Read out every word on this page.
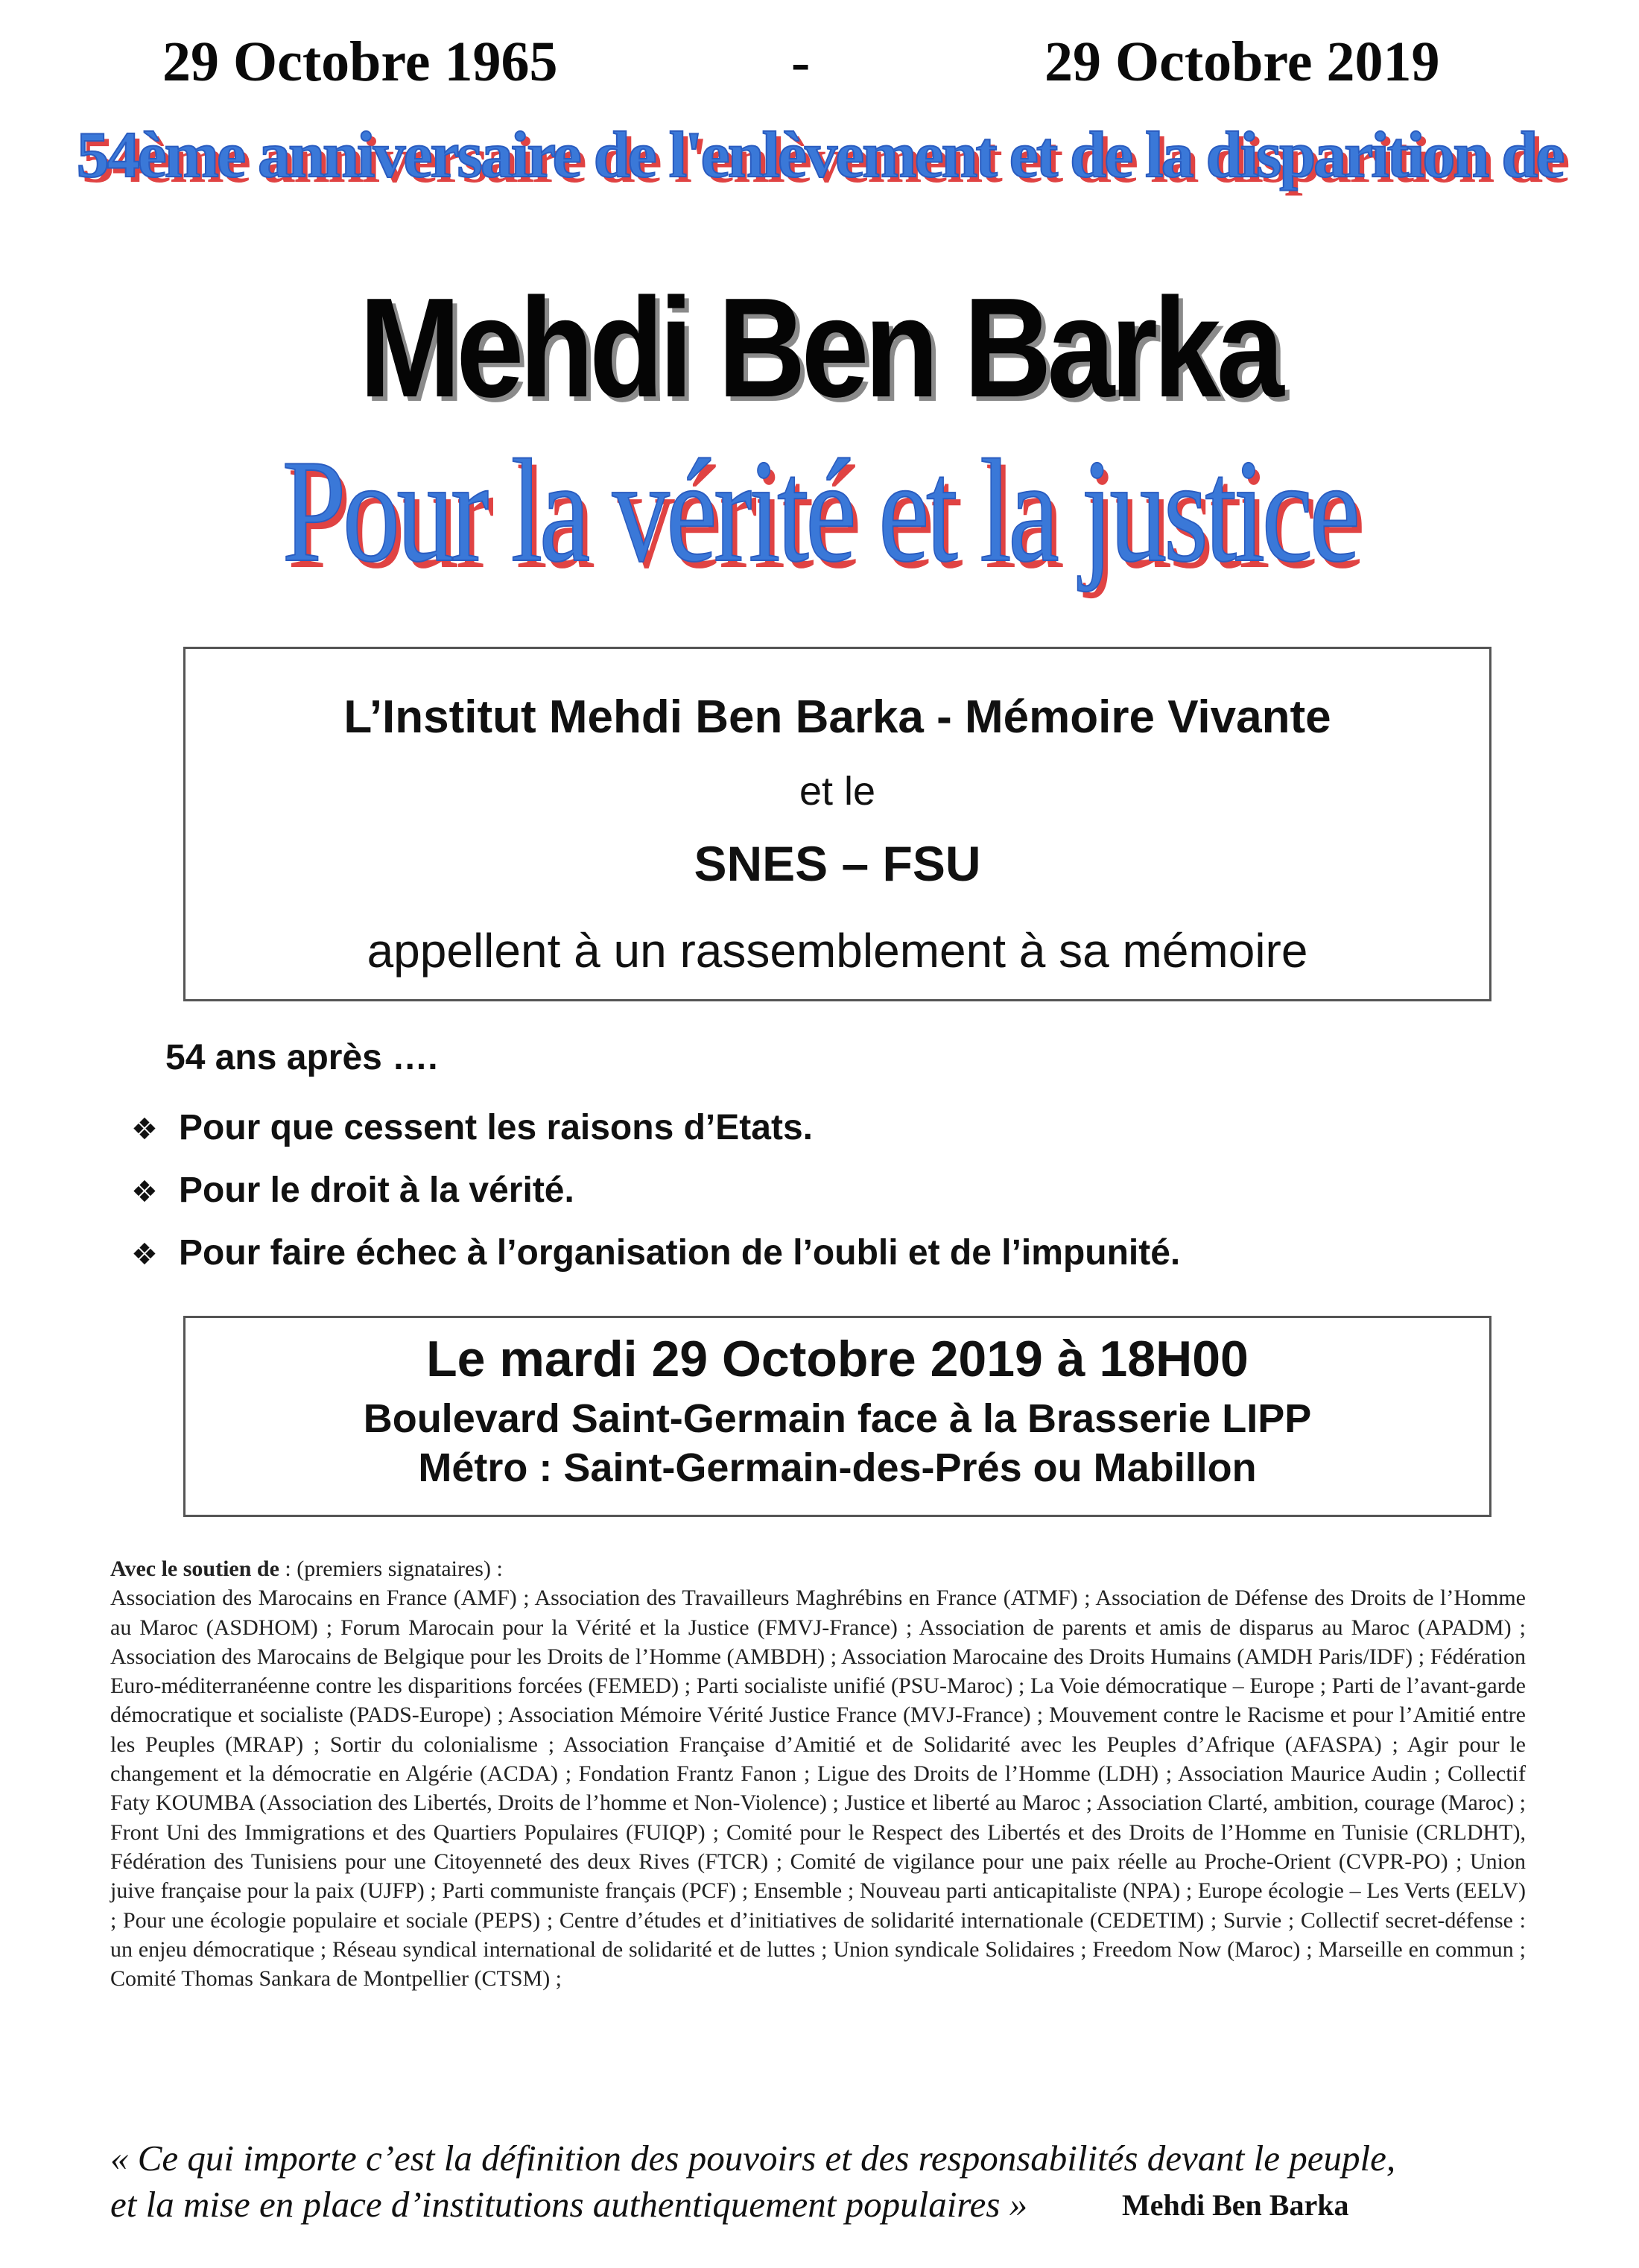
29 Octobre 1965	-	29 Octobre 2019
54ème anniversaire de l'enlèvement et de la disparition de
Mehdi Ben Barka
Pour la vérité et la justice
L’Institut Mehdi Ben Barka - Mémoire Vivante
et le
SNES – FSU
appellent à un rassemblement à sa mémoire
54 ans après ….
❖ Pour que cessent les raisons d’Etats.
❖ Pour le droit à la vérité.
❖ Pour faire échec à l’organisation de l’oubli et de l’impunité.
Le mardi 29 Octobre 2019 à 18H00
Boulevard Saint-Germain face à la Brasserie LIPP
Métro : Saint-Germain-des-Prés ou Mabillon
Avec le soutien de : (premiers signataires) :
Association des Marocains en France (AMF) ; Association des Travailleurs Maghrébins en France (ATMF) ; Association de Défense des Droits de l’Homme au Maroc (ASDHOM) ; Forum Marocain pour la Vérité et la Justice (FMVJ-France) ; Association de parents et amis de disparus au Maroc (APADM) ; Association des Marocains de Belgique pour les Droits de l’Homme (AMBDH) ; Association Marocaine des Droits Humains (AMDH Paris/IDF) ; Fédération Euro-méditerranéenne contre les disparitions forcées (FEMED) ; Parti socialiste unifié (PSU-Maroc) ; La Voie démocratique – Europe ; Parti de l’avant-garde démocratique et socialiste (PADS-Europe) ; Association Mémoire Vérité Justice France (MVJ-France) ; Mouvement contre le Racisme et pour l’Amitié entre les Peuples (MRAP) ; Sortir du colonialisme ; Association Française d’Amitié et de Solidarité avec les Peuples d’Afrique (AFASPA) ; Agir pour le changement et la démocratie en Algérie (ACDA) ; Fondation Frantz Fanon ; Ligue des Droits de l’Homme (LDH) ; Association Maurice Audin ; Collectif Faty KOUMBA (Association des Libertés, Droits de l’homme et Non-Violence) ; Justice et liberté au Maroc ; Association Clarté, ambition, courage (Maroc) ; Front Uni des Immigrations et des Quartiers Populaires (FUIQP) ; Comité pour le Respect des Libertés et des Droits de l’Homme en Tunisie (CRLDHT), Fédération des Tunisiens pour une Citoyenneté des deux Rives (FTCR) ; Comité de vigilance pour une paix réelle au Proche-Orient (CVPR-PO) ; Union juive française pour la paix (UJFP) ; Parti communiste français (PCF) ; Ensemble ; Nouveau parti anticapitaliste (NPA) ; Europe écologie – Les Verts (EELV) ; Pour une écologie populaire et sociale (PEPS) ; Centre d’études et d’initiatives de solidarité internationale (CEDETIM) ; Survie ; Collectif secret-défense : un enjeu démocratique ; Réseau syndical international de solidarité et de luttes ; Union syndicale Solidaires ; Freedom Now (Maroc) ; Marseille en commun ; Comité Thomas Sankara de Montpellier (CTSM) ;
« Ce qui importe c’est la définition des pouvoirs et des responsabilités devant le peuple,
et la mise en place d’institutions authentiquement populaires »	Mehdi Ben Barka
